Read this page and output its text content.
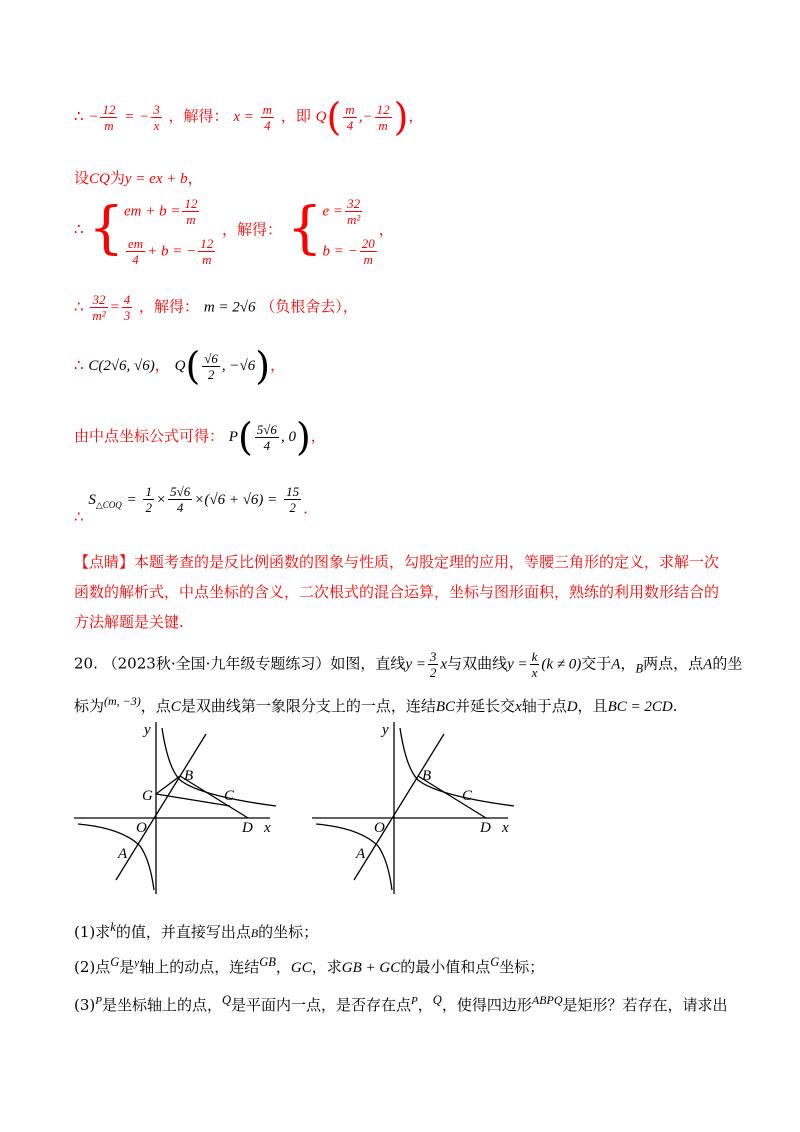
∴ − $\frac{12}{m}$ = − $\frac{3}{x}$ ，解得： $x = \frac{m}{4}$ ，即 $Q( \frac{m}{4}$ ,− $\frac{12}{m}$ )，
设CQ为y = ex + b，
∴ { em + $b = \frac{12}{m}$
$\frac{em}{4} + b$ = − $\frac{12}{m}$
，解得： { $e = \frac{32}{\text{m²}}$
b = − $\frac{20}{m}$
，
∴ $\frac{32}{\text{m²}} = \frac{4}{3}$ ，解得： m = 2√6 （负根舍去），
∴ C(2√6, √6)， $Q( \frac{√6}{2}$ , −√6)，
由中点坐标公式可得： $P( \frac{5√6}{4}$ , 0)，
∴ $S_{\triangle COQ} = \frac{1}{2} \times \frac{5√6}{4} \times(√6 + √6) = \frac{15}{2}$ .
【点睛】本题考查的是反比例函数的图象与性质，勾股定理的应用，等腰三角形的定义，求解一次函数的解析式，中点坐标的含义，二次根式的混合运算，坐标与图形面积，熟练的利用数形结合的方法解题是关键.
20. （2023秋·全国·九年级专题练习）如图，直线$y = \frac{3}{2}$ x与双曲线$y = \frac{k}{x} (k \ne 0)$交于A，$_B$两点，点A的坐
标为$^{(m, -3)}$，点C是双曲线第一象限分支上的一点，连结BC并延长交x轴于点D，且BC = 2CD.
y
x
O
A
B
C
D
G
y
x
O
A
B
C
D
(1)求$^k$的值，并直接写出点B的坐标；
(2)点$^G$是$^y$轴上的动点，连结$^{GB}$，GC，求GB + GC的最小值和点$^G$坐标；
$(3)^P$是坐标轴上的点，$^Q$是平面内一点，是否存在点$^P$，$^Q$，使得四边形$^{ABPQ}$是矩形？若存在，请求出
